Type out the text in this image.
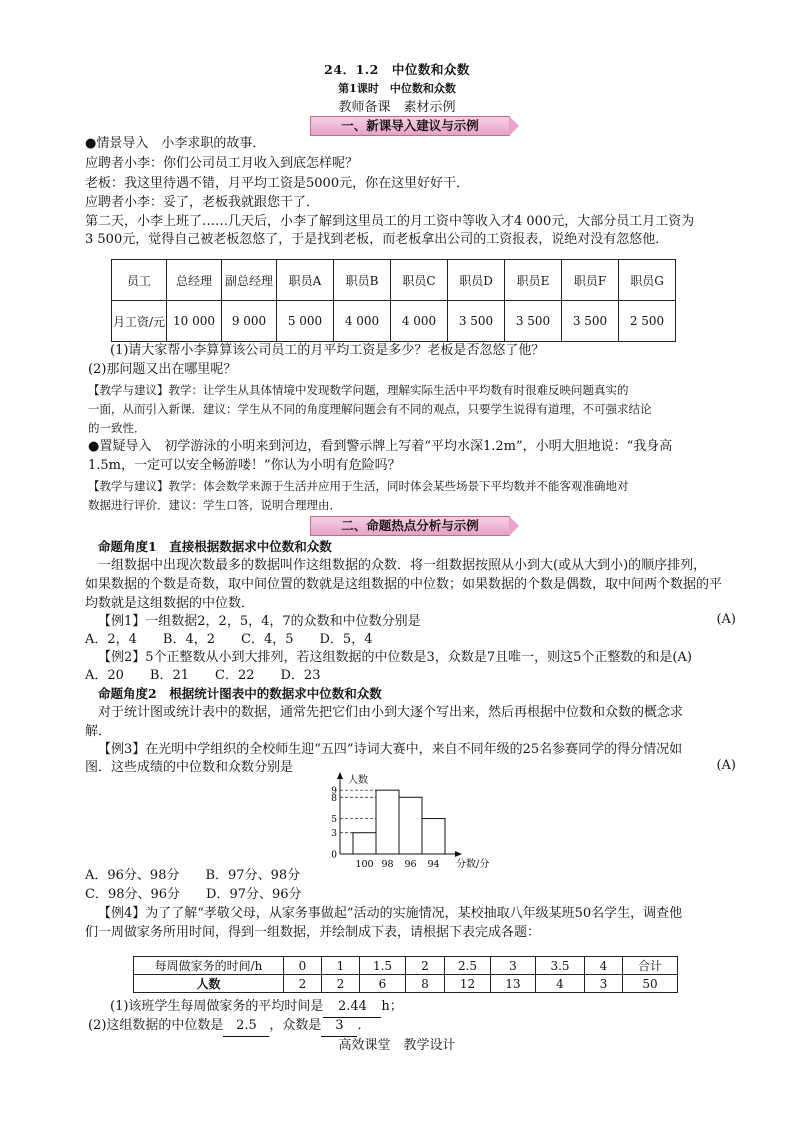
24．1.2　中位数和众数
第1课时　中位数和众数
教师备课　素材示例
一、新课导入建议与示例
●情景导入　小李求职的故事．
应聘者小李：你们公司员工月收入到底怎样呢？
老板：我这里待遇不错，月平均工资是5000元，你在这里好好干．
应聘者小李：妥了，老板我就跟您干了．
第二天，小李上班了……几天后，小李了解到这里员工的月工资中等收入才4 000元，大部分员工月工资为
3 500元，觉得自己被老板忽悠了，于是找到老板，而老板拿出公司的工资报表，说绝对没有忽悠他．
员工	总经理	副总经理	职员A	职员B	职员C	职员D	职员E	职员F	职员G
月工资/元	10 000	9 000	5 000	4 000	4 000	3 500	3 500	3 500	2 500
(1)请大家帮小李算算该公司员工的月平均工资是多少？老板是否忽悠了他？
(2)那问题又出在哪里呢？
【教学与建议】教学：让学生从具体情境中发现数学问题，理解实际生活中平均数有时很难反映问题真实的
一面，从而引入新课．建议：学生从不同的角度理解问题会有不同的观点，只要学生说得有道理，不可强求结论
的一致性．
●置疑导入　初学游泳的小明来到河边，看到警示牌上写着“平均水深1.2m”，小明大胆地说：“我身高
1.5m，一定可以安全畅游喽！”你认为小明有危险吗？
【教学与建议】教学：体会数学来源于生活并应用于生活，同时体会某些场景下平均数并不能客观准确地对
数据进行评价．建议：学生口答，说明合理理由．
二、命题热点分析与示例
命题角度1　直接根据数据求中位数和众数
一组数据中出现次数最多的数据叫作这组数据的众数．将一组数据按照从小到大(或从大到小)的顺序排列，
如果数据的个数是奇数，取中间位置的数就是这组数据的中位数；如果数据的个数是偶数，取中间两个数据的平
均数就是这组数据的中位数．
【例1】一组数据2，2，5，4，7的众数和中位数分别是	(A)
A．2，4　　B．4，2　　C．4，5　　D．5，4
【例2】5个正整数从小到大排列，若这组数据的中位数是3，众数是7且唯一，则这5个正整数的和是(A)
A．20　　B．21　　C．22　　D．23
命题角度2　根据统计图表中的数据求中位数和众数
对于统计图或统计表中的数据，通常先把它们由小到大逐个写出来，然后再根据中位数和众数的概念求
解．
【例3】在光明中学组织的全校师生迎“五四”诗词大赛中，来自不同年级的25名参赛同学的得分情况如
图．这些成绩的中位数和众数分别是	(A)
人数
分数/分
0
3
5
8
9
100 98 96 94
A．96分、98分　　B．97分、98分
C．98分、96分　　D．97分、96分
【例4】为了了解“孝敬父母，从家务事做起”活动的实施情况，某校抽取八年级某班50名学生，调查他
们一周做家务所用时间，得到一组数据，并绘制成下表，请根据下表完成各题：
每周做家务的时间/h	0	1	1.5	2	2.5	3	3.5	4	合计
人数	2	2	6	8	12	13	4	3	50
(1)该班学生每周做家务的平均时间是 2.44 h；
(2)这组数据的中位数是 2.5 ，众数是 3 ．
高效课堂　教学设计
